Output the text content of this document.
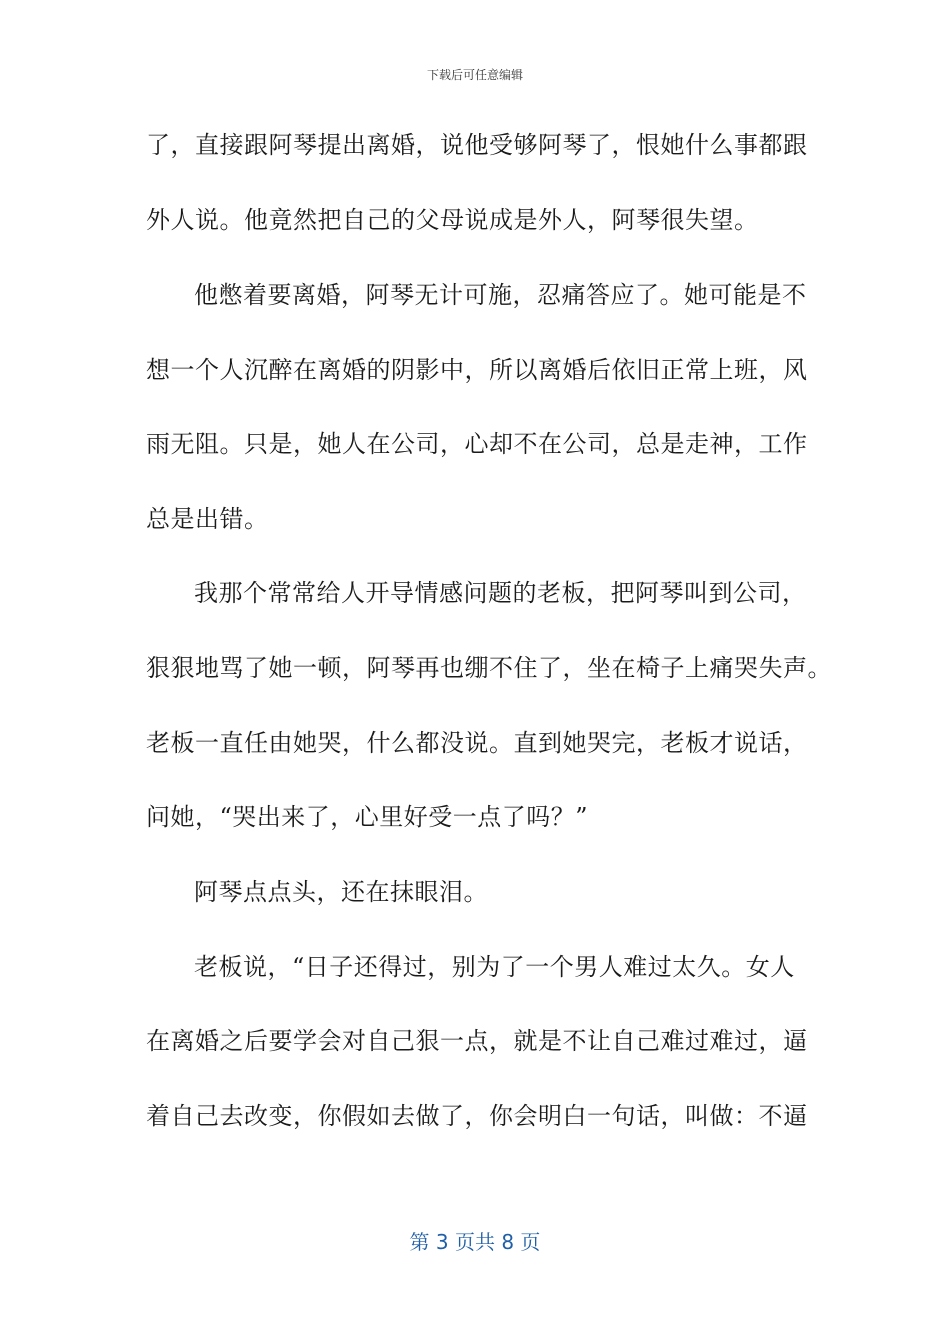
下载后可任意编辑
了，直接跟阿琴提出离婚，说他受够阿琴了，恨她什么事都跟
外人说。他竟然把自己的父母说成是外人，阿琴很失望。
他憋着要离婚，阿琴无计可施，忍痛答应了。她可能是不
想一个人沉醉在离婚的阴影中，所以离婚后依旧正常上班，风
雨无阻。只是，她人在公司，心却不在公司，总是走神，工作
总是出错。
我那个常常给人开导情感问题的老板，把阿琴叫到公司，
狠狠地骂了她一顿，阿琴再也绷不住了，坐在椅子上痛哭失声。
老板一直任由她哭，什么都没说。直到她哭完，老板才说话，
问她，“哭出来了，心里好受一点了吗？”
阿琴点点头，还在抹眼泪。
老板说，“日子还得过，别为了一个男人难过太久。女人
在离婚之后要学会对自己狠一点，就是不让自己难过难过，逼
着自己去改变，你假如去做了，你会明白一句话，叫做：不逼
第 3 页共 8 页
